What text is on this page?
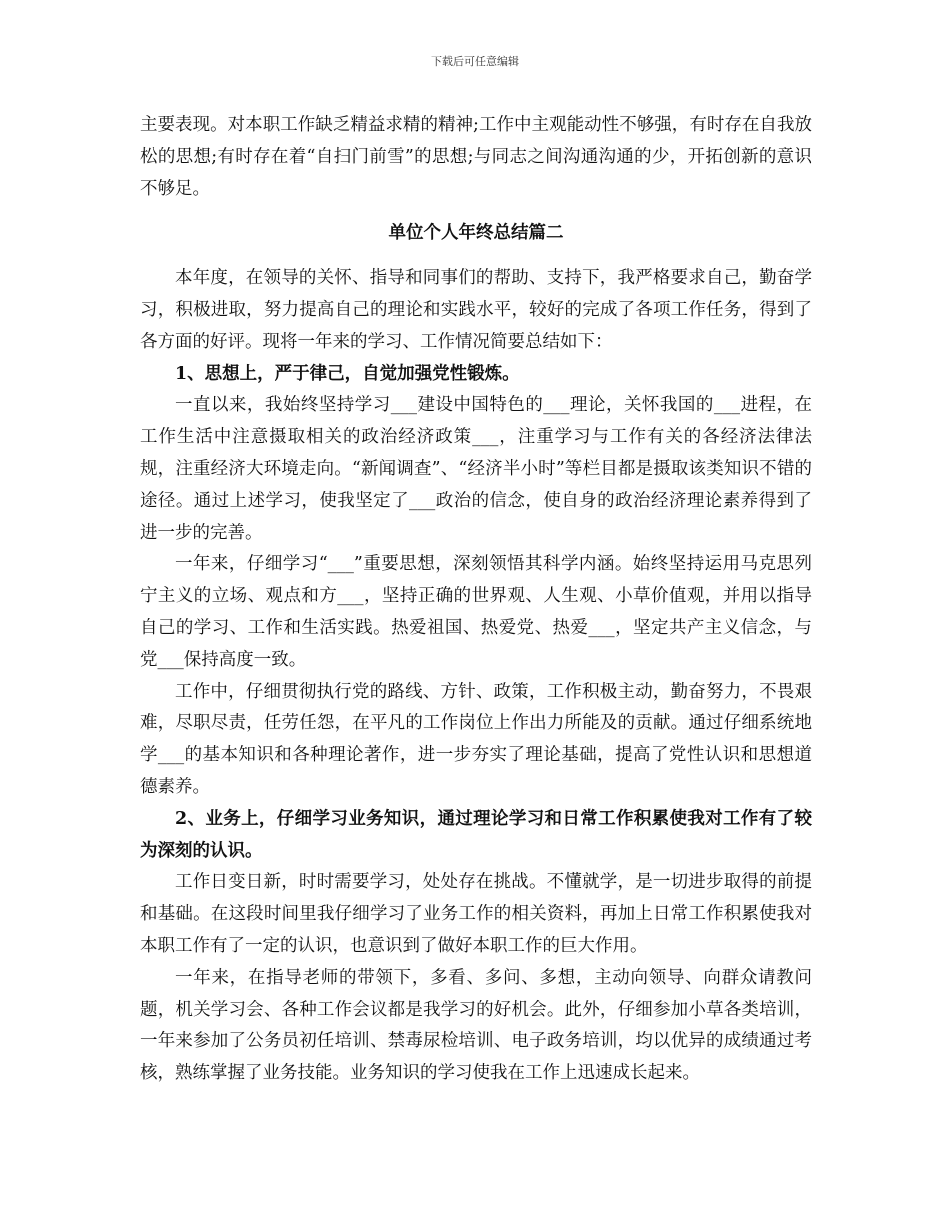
下载后可任意编辑

主要表现。对本职工作缺乏精益求精的精神;工作中主观能动性不够强，有时存在自我放松的思想;有时存在着“自扫门前雪”的思想;与同志之间沟通沟通的少，开拓创新的意识不够足。

单位个人年终总结篇二

本年度，在领导的关怀、指导和同事们的帮助、支持下，我严格要求自己，勤奋学习，积极进取，努力提高自己的理论和实践水平，较好的完成了各项工作任务，得到了各方面的好评。现将一年来的学习、工作情况简要总结如下：

1、思想上，严于律己，自觉加强党性锻炼。

一直以来，我始终坚持学习___建设中国特色的___理论，关怀我国的___进程，在工作生活中注意摄取相关的政治经济政策___，注重学习与工作有关的各经济法律法规，注重经济大环境走向。“新闻调查”、“经济半小时”等栏目都是摄取该类知识不错的途径。通过上述学习，使我坚定了___政治的信念，使自身的政治经济理论素养得到了进一步的完善。

一年来，仔细学习“___”重要思想，深刻领悟其科学内涵。始终坚持运用马克思列宁主义的立场、观点和方___，坚持正确的世界观、人生观、小草价值观，并用以指导自己的学习、工作和生活实践。热爱祖国、热爱党、热爱___，坚定共产主义信念，与党___保持高度一致。

工作中，仔细贯彻执行党的路线、方针、政策，工作积极主动，勤奋努力，不畏艰难，尽职尽责，任劳任怨，在平凡的工作岗位上作出力所能及的贡献。通过仔细系统地学___的基本知识和各种理论著作，进一步夯实了理论基础，提高了党性认识和思想道德素养。

2、业务上，仔细学习业务知识，通过理论学习和日常工作积累使我对工作有了较为深刻的认识。

工作日变日新，时时需要学习，处处存在挑战。不懂就学，是一切进步取得的前提和基础。在这段时间里我仔细学习了业务工作的相关资料，再加上日常工作积累使我对本职工作有了一定的认识，也意识到了做好本职工作的巨大作用。

一年来，在指导老师的带领下，多看、多问、多想，主动向领导、向群众请教问题，机关学习会、各种工作会议都是我学习的好机会。此外，仔细参加小草各类培训，一年来参加了公务员初任培训、禁毒尿检培训、电子政务培训，均以优异的成绩通过考核，熟练掌握了业务技能。业务知识的学习使我在工作上迅速成长起来。
